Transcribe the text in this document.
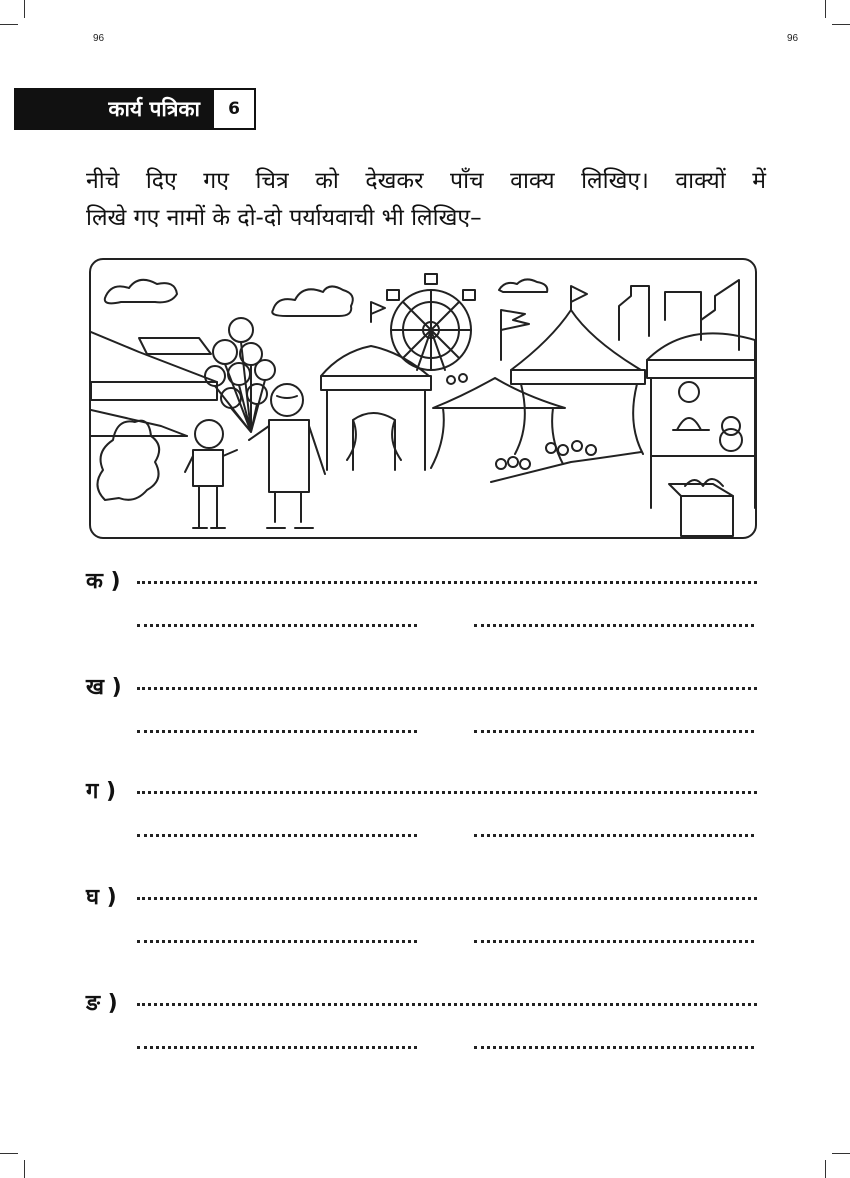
96	96
कार्य पत्रिका	6
नीचे दिए गए चित्र को देखकर पाँच वाक्य लिखिए। वाक्यों में
लिखे गए नामों के दो-दो पर्यायवाची भी लिखिए–
क )
ख )
ग )
घ )
ङ )
